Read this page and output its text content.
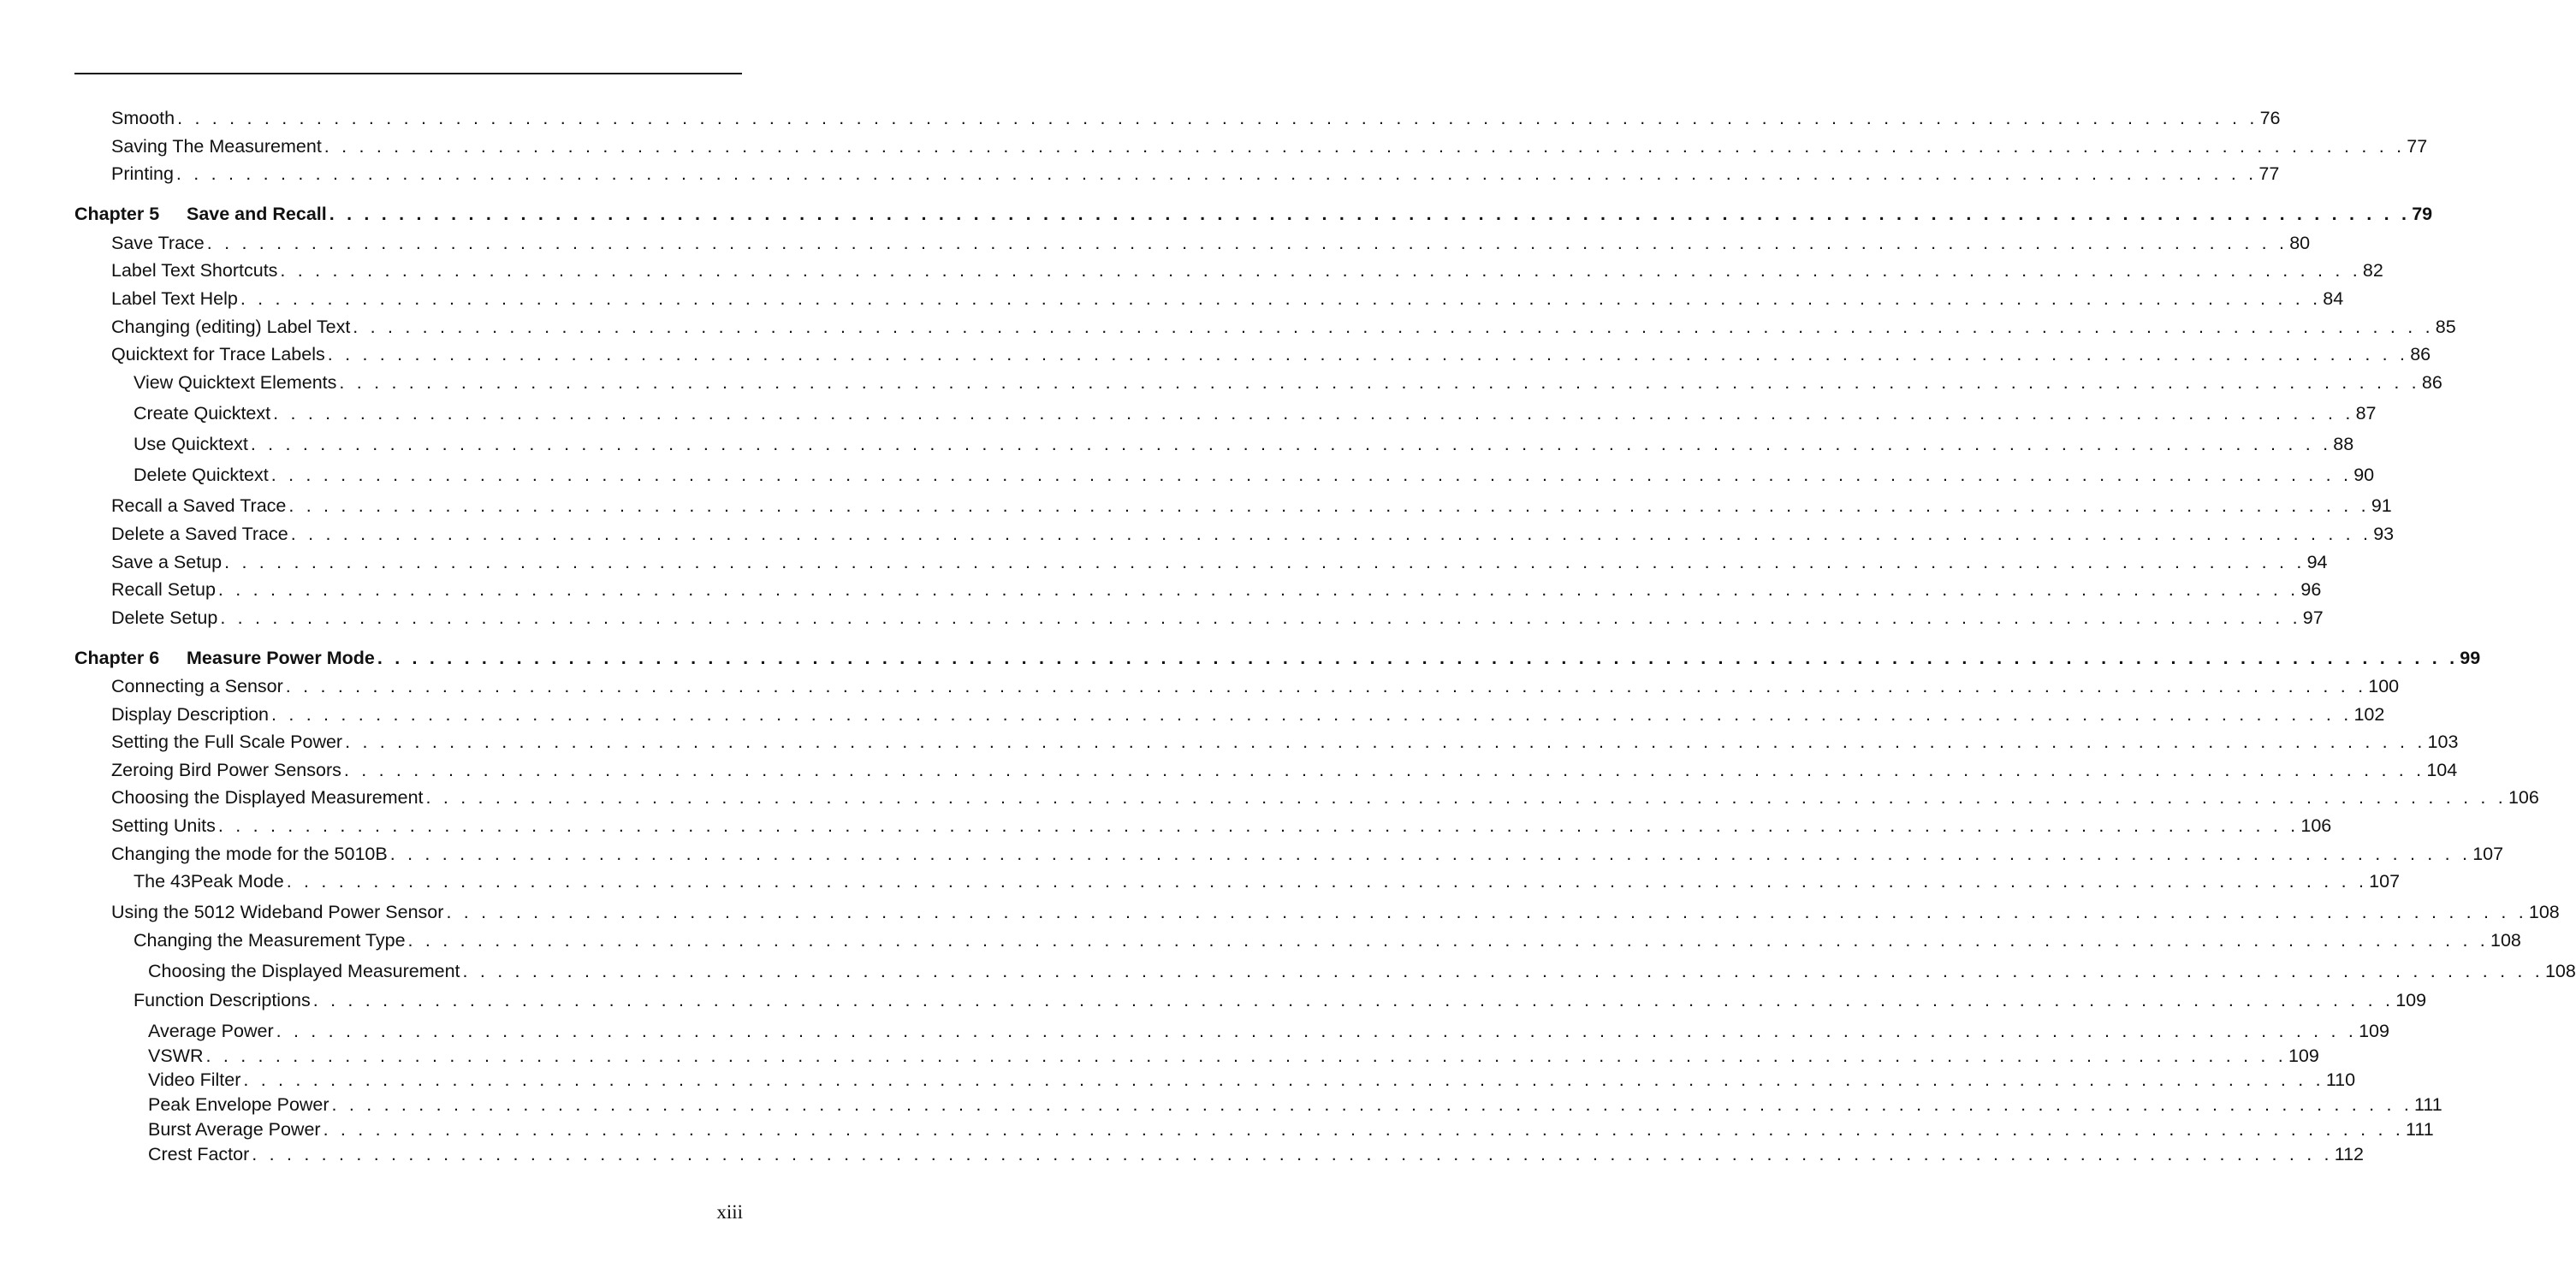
Smooth . . . . . . . . . . . . . . . . . . . . . . . . . . . . . . . . . . . . . . . . . . . . . . . . . . . . . . . . . . . . . . . . . . . . . . . . . . . . . . . . . . . . . . . . . . . . . . . . . . . . . . . . . . . . . . . . . . . . . . . . 76
Saving The Measurement . . . . . . . . . . . . . . . . . . . . . . . . . . . . . . . . . . . . . . . . . . . . . . . . . . . . . . . . . . . . . . . . . . . . . . . . . . . . . . . . . . . . . . . . . . . . . . . . . . . . . . . . . . . . . . . . . . . . . . . . 77
Printing . . . . . . . . . . . . . . . . . . . . . . . . . . . . . . . . . . . . . . . . . . . . . . . . . . . . . . . . . . . . . . . . . . . . . . . . . . . . . . . . . . . . . . . . . . . . . . . . . . . . . . . . . . . . . . . . . . . . . . . . 77
Chapter 5 Save and Recall . . . . . . . . . . . . . . . . . . . . . . . . . . . . . . . . . . . . . . . . . . . . . . . . . . . . . . . . . . . . . . . . . . . . . . . . . . . . . . . . . . . . . . . . . . . . . . . . . . . . . . . . . . . . . . . . . . . . . . . . 79
Save Trace . . . . . . . . . . . . . . . . . . . . . . . . . . . . . . . . . . . . . . . . . . . . . . . . . . . . . . . . . . . . . . . . . . . . . . . . . . . . . . . . . . . . . . . . . . . . . . . . . . . . . . . . . . . . . . . . . . . . . . . . 80
Label Text Shortcuts . . . . . . . . . . . . . . . . . . . . . . . . . . . . . . . . . . . . . . . . . . . . . . . . . . . . . . . . . . . . . . . . . . . . . . . . . . . . . . . . . . . . . . . . . . . . . . . . . . . . . . . . . . . . . . . . . . . . . . . . 82
Label Text Help . . . . . . . . . . . . . . . . . . . . . . . . . . . . . . . . . . . . . . . . . . . . . . . . . . . . . . . . . . . . . . . . . . . . . . . . . . . . . . . . . . . . . . . . . . . . . . . . . . . . . . . . . . . . . . . . . . . . . . . . 84
Changing (editing) Label Text . . . . . . . . . . . . . . . . . . . . . . . . . . . . . . . . . . . . . . . . . . . . . . . . . . . . . . . . . . . . . . . . . . . . . . . . . . . . . . . . . . . . . . . . . . . . . . . . . . . . . . . . . . . . . . . . . . . . . . . . 85
Quicktext for Trace Labels . . . . . . . . . . . . . . . . . . . . . . . . . . . . . . . . . . . . . . . . . . . . . . . . . . . . . . . . . . . . . . . . . . . . . . . . . . . . . . . . . . . . . . . . . . . . . . . . . . . . . . . . . . . . . . . . . . . . . . . . 86
View Quicktext Elements . . . . . . . . . . . . . . . . . . . . . . . . . . . . . . . . . . . . . . . . . . . . . . . . . . . . . . . . . . . . . . . . . . . . . . . . . . . . . . . . . . . . . . . . . . . . . . . . . . . . . . . . . . . . . . . . . . . . . . . . 86
Create Quicktext . . . . . . . . . . . . . . . . . . . . . . . . . . . . . . . . . . . . . . . . . . . . . . . . . . . . . . . . . . . . . . . . . . . . . . . . . . . . . . . . . . . . . . . . . . . . . . . . . . . . . . . . . . . . . . . . . . . . . . . . 87
Use Quicktext . . . . . . . . . . . . . . . . . . . . . . . . . . . . . . . . . . . . . . . . . . . . . . . . . . . . . . . . . . . . . . . . . . . . . . . . . . . . . . . . . . . . . . . . . . . . . . . . . . . . . . . . . . . . . . . . . . . . . . . . 88
Delete Quicktext . . . . . . . . . . . . . . . . . . . . . . . . . . . . . . . . . . . . . . . . . . . . . . . . . . . . . . . . . . . . . . . . . . . . . . . . . . . . . . . . . . . . . . . . . . . . . . . . . . . . . . . . . . . . . . . . . . . . . . . . 90
Recall a Saved Trace . . . . . . . . . . . . . . . . . . . . . . . . . . . . . . . . . . . . . . . . . . . . . . . . . . . . . . . . . . . . . . . . . . . . . . . . . . . . . . . . . . . . . . . . . . . . . . . . . . . . . . . . . . . . . . . . . . . . . . . . 91
Delete a Saved Trace . . . . . . . . . . . . . . . . . . . . . . . . . . . . . . . . . . . . . . . . . . . . . . . . . . . . . . . . . . . . . . . . . . . . . . . . . . . . . . . . . . . . . . . . . . . . . . . . . . . . . . . . . . . . . . . . . . . . . . . . 93
Save a Setup . . . . . . . . . . . . . . . . . . . . . . . . . . . . . . . . . . . . . . . . . . . . . . . . . . . . . . . . . . . . . . . . . . . . . . . . . . . . . . . . . . . . . . . . . . . . . . . . . . . . . . . . . . . . . . . . . . . . . . . . 94
Recall Setup . . . . . . . . . . . . . . . . . . . . . . . . . . . . . . . . . . . . . . . . . . . . . . . . . . . . . . . . . . . . . . . . . . . . . . . . . . . . . . . . . . . . . . . . . . . . . . . . . . . . . . . . . . . . . . . . . . . . . . . . 96
Delete Setup . . . . . . . . . . . . . . . . . . . . . . . . . . . . . . . . . . . . . . . . . . . . . . . . . . . . . . . . . . . . . . . . . . . . . . . . . . . . . . . . . . . . . . . . . . . . . . . . . . . . . . . . . . . . . . . . . . . . . . . . 97
Chapter 6 Measure Power Mode . . . . . . . . . . . . . . . . . . . . . . . . . . . . . . . . . . . . . . . . . . . . . . . . . . . . . . . . . . . . . . . . . . . . . . . . . . . . . . . . . . . . . . . . . . . . . . . . . . . . . . . . . . . . . . . . . . . . . . . . 99
Connecting a Sensor . . . . . . . . . . . . . . . . . . . . . . . . . . . . . . . . . . . . . . . . . . . . . . . . . . . . . . . . . . . . . . . . . . . . . . . . . . . . . . . . . . . . . . . . . . . . . . . . . . . . . . . . . . . . . . . . . . . . . . . . 100
Display Description . . . . . . . . . . . . . . . . . . . . . . . . . . . . . . . . . . . . . . . . . . . . . . . . . . . . . . . . . . . . . . . . . . . . . . . . . . . . . . . . . . . . . . . . . . . . . . . . . . . . . . . . . . . . . . . . . . . . . . . . 102
Setting the Full Scale Power . . . . . . . . . . . . . . . . . . . . . . . . . . . . . . . . . . . . . . . . . . . . . . . . . . . . . . . . . . . . . . . . . . . . . . . . . . . . . . . . . . . . . . . . . . . . . . . . . . . . . . . . . . . . . . . . . . . . . . . . 103
Zeroing Bird Power Sensors . . . . . . . . . . . . . . . . . . . . . . . . . . . . . . . . . . . . . . . . . . . . . . . . . . . . . . . . . . . . . . . . . . . . . . . . . . . . . . . . . . . . . . . . . . . . . . . . . . . . . . . . . . . . . . . . . . . . . . . . 104
Choosing the Displayed Measurement . . . . . . . . . . . . . . . . . . . . . . . . . . . . . . . . . . . . . . . . . . . . . . . . . . . . . . . . . . . . . . . . . . . . . . . . . . . . . . . . . . . . . . . . . . . . . . . . . . . . . . . . . . . . . . . . . . . . . . . . 106
Setting Units . . . . . . . . . . . . . . . . . . . . . . . . . . . . . . . . . . . . . . . . . . . . . . . . . . . . . . . . . . . . . . . . . . . . . . . . . . . . . . . . . . . . . . . . . . . . . . . . . . . . . . . . . . . . . . . . . . . . . . . . 106
Changing the mode for the 5010B . . . . . . . . . . . . . . . . . . . . . . . . . . . . . . . . . . . . . . . . . . . . . . . . . . . . . . . . . . . . . . . . . . . . . . . . . . . . . . . . . . . . . . . . . . . . . . . . . . . . . . . . . . . . . . . . . . . . . . . . 107
The 43Peak Mode . . . . . . . . . . . . . . . . . . . . . . . . . . . . . . . . . . . . . . . . . . . . . . . . . . . . . . . . . . . . . . . . . . . . . . . . . . . . . . . . . . . . . . . . . . . . . . . . . . . . . . . . . . . . . . . . . . . . . . . . 107
Using the 5012 Wideband Power Sensor . . . . . . . . . . . . . . . . . . . . . . . . . . . . . . . . . . . . . . . . . . . . . . . . . . . . . . . . . . . . . . . . . . . . . . . . . . . . . . . . . . . . . . . . . . . . . . . . . . . . . . . . . . . . . . . . . . . . . . . . 108
Changing the Measurement Type . . . . . . . . . . . . . . . . . . . . . . . . . . . . . . . . . . . . . . . . . . . . . . . . . . . . . . . . . . . . . . . . . . . . . . . . . . . . . . . . . . . . . . . . . . . . . . . . . . . . . . . . . . . . . . . . . . . . . . . . 108
Choosing the Displayed Measurement . . . . . . . . . . . . . . . . . . . . . . . . . . . . . . . . . . . . . . . . . . . . . . . . . . . . . . . . . . . . . . . . . . . . . . . . . . . . . . . . . . . . . . . . . . . . . . . . . . . . . . . . . . . . . . . . . . . . . . . . 108
Function Descriptions . . . . . . . . . . . . . . . . . . . . . . . . . . . . . . . . . . . . . . . . . . . . . . . . . . . . . . . . . . . . . . . . . . . . . . . . . . . . . . . . . . . . . . . . . . . . . . . . . . . . . . . . . . . . . . . . . . . . . . . . 109
Average Power . . . . . . . . . . . . . . . . . . . . . . . . . . . . . . . . . . . . . . . . . . . . . . . . . . . . . . . . . . . . . . . . . . . . . . . . . . . . . . . . . . . . . . . . . . . . . . . . . . . . . . . . . . . . . . . . . . . . . . . . 109
VSWR . . . . . . . . . . . . . . . . . . . . . . . . . . . . . . . . . . . . . . . . . . . . . . . . . . . . . . . . . . . . . . . . . . . . . . . . . . . . . . . . . . . . . . . . . . . . . . . . . . . . . . . . . . . . . . . . . . . . . . . . 109
Video Filter . . . . . . . . . . . . . . . . . . . . . . . . . . . . . . . . . . . . . . . . . . . . . . . . . . . . . . . . . . . . . . . . . . . . . . . . . . . . . . . . . . . . . . . . . . . . . . . . . . . . . . . . . . . . . . . . . . . . . . . . 110
Peak Envelope Power . . . . . . . . . . . . . . . . . . . . . . . . . . . . . . . . . . . . . . . . . . . . . . . . . . . . . . . . . . . . . . . . . . . . . . . . . . . . . . . . . . . . . . . . . . . . . . . . . . . . . . . . . . . . . . . . . . . . . . . . 111
Burst Average Power . . . . . . . . . . . . . . . . . . . . . . . . . . . . . . . . . . . . . . . . . . . . . . . . . . . . . . . . . . . . . . . . . . . . . . . . . . . . . . . . . . . . . . . . . . . . . . . . . . . . . . . . . . . . . . . . . . . . . . . . 111
Crest Factor . . . . . . . . . . . . . . . . . . . . . . . . . . . . . . . . . . . . . . . . . . . . . . . . . . . . . . . . . . . . . . . . . . . . . . . . . . . . . . . . . . . . . . . . . . . . . . . . . . . . . . . . . . . . . . . . . . . . . . . . 112
xiii
